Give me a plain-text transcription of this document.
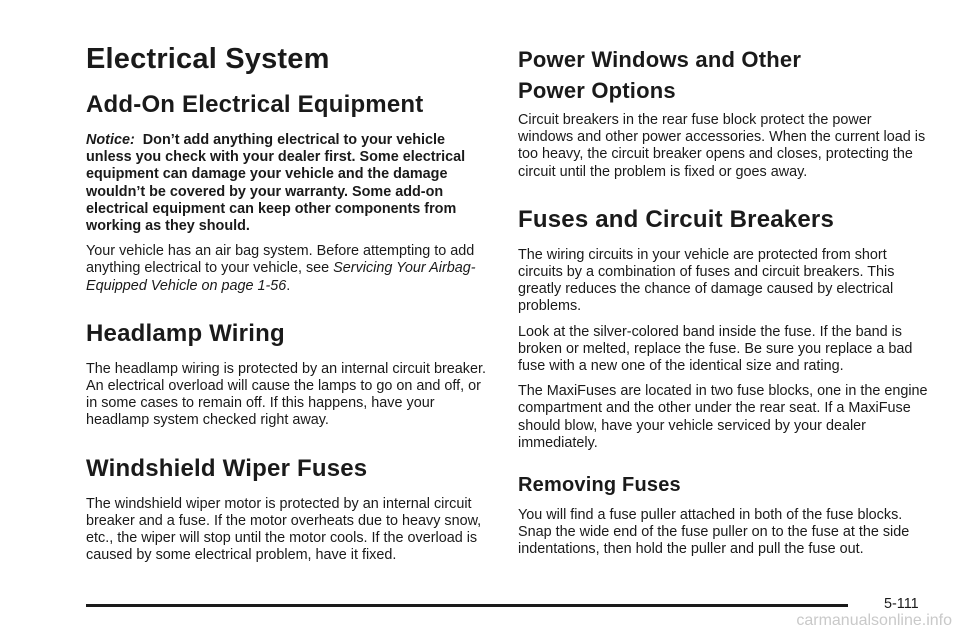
Electrical System
Add-On Electrical Equipment

Notice: Don’t add anything electrical to your vehicle unless you check with your dealer first. Some electrical equipment can damage your vehicle and the damage wouldn’t be covered by your warranty. Some add-on electrical equipment can keep other components from working as they should.

Your vehicle has an air bag system. Before attempting to add anything electrical to your vehicle, see Servicing Your Airbag-Equipped Vehicle on page 1-56.

Headlamp Wiring

The headlamp wiring is protected by an internal circuit breaker. An electrical overload will cause the lamps to go on and off, or in some cases to remain off. If this happens, have your headlamp system checked right away.

Windshield Wiper Fuses

The windshield wiper motor is protected by an internal circuit breaker and a fuse. If the motor overheats due to heavy snow, etc., the wiper will stop until the motor cools. If the overload is caused by some electrical problem, have it fixed.

Power Windows and Other
Power Options

Circuit breakers in the rear fuse block protect the power windows and other power accessories. When the current load is too heavy, the circuit breaker opens and closes, protecting the circuit until the problem is fixed or goes away.

Fuses and Circuit Breakers

The wiring circuits in your vehicle are protected from short circuits by a combination of fuses and circuit breakers. This greatly reduces the chance of damage caused by electrical problems.

Look at the silver-colored band inside the fuse. If the band is broken or melted, replace the fuse. Be sure you replace a bad fuse with a new one of the identical size and rating.

The MaxiFuses are located in two fuse blocks, one in the engine compartment and the other under the rear seat. If a MaxiFuse should blow, have your vehicle serviced by your dealer immediately.

Removing Fuses

You will find a fuse puller attached in both of the fuse blocks. Snap the wide end of the fuse puller on to the fuse at the side indentations, then hold the puller and pull the fuse out.

5-111
carmanualsonline.info
